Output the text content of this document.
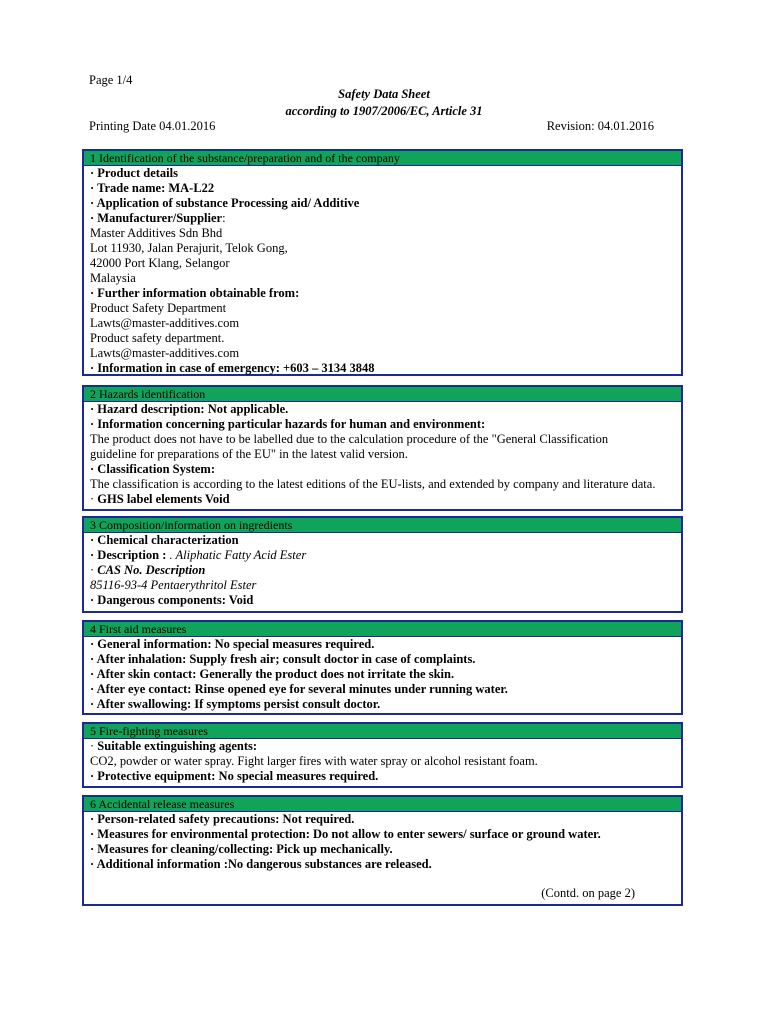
Page 1/4
Safety Data Sheet
according to 1907/2006/EC, Article 31
Printing Date 04.01.2016	Revision: 04.01.2016
1 Identification of the substance/preparation and of the company
· Product details
· Trade name: MA-L22
· Application of substance Processing aid/ Additive
· Manufacturer/Supplier:
Master Additives Sdn Bhd
Lot 11930, Jalan Perajurit, Telok Gong,
42000 Port Klang, Selangor
Malaysia
· Further information obtainable from:
Product Safety Department
Lawts@master-additives.com
Product safety department.
Lawts@master-additives.com
· Information in case of emergency: +603 – 3134 3848
2 Hazards identification
· Hazard description: Not applicable.
· Information concerning particular hazards for human and environment:
The product does not have to be labelled due to the calculation procedure of the "General Classification
guideline for preparations of the EU" in the latest valid version.
· Classification System:
The classification is according to the latest editions of the EU-lists, and extended by company and literature data.
· GHS label elements Void
3 Composition/information on ingredients
· Chemical characterization
· Description : . Aliphatic Fatty Acid Ester
· CAS No. Description
85116-93-4 Pentaerythritol Ester
· Dangerous components: Void
4 First aid measures
· General information: No special measures required.
· After inhalation: Supply fresh air; consult doctor in case of complaints.
· After skin contact: Generally the product does not irritate the skin.
· After eye contact: Rinse opened eye for several minutes under running water.
· After swallowing: If symptoms persist consult doctor.
5 Fire-fighting measures
· Suitable extinguishing agents:
CO2, powder or water spray. Fight larger fires with water spray or alcohol resistant foam.
· Protective equipment: No special measures required.
6 Accidental release measures
· Person-related safety precautions: Not required.
· Measures for environmental protection: Do not allow to enter sewers/ surface or ground water.
· Measures for cleaning/collecting: Pick up mechanically.
· Additional information :No dangerous substances are released.
(Contd. on page 2)
